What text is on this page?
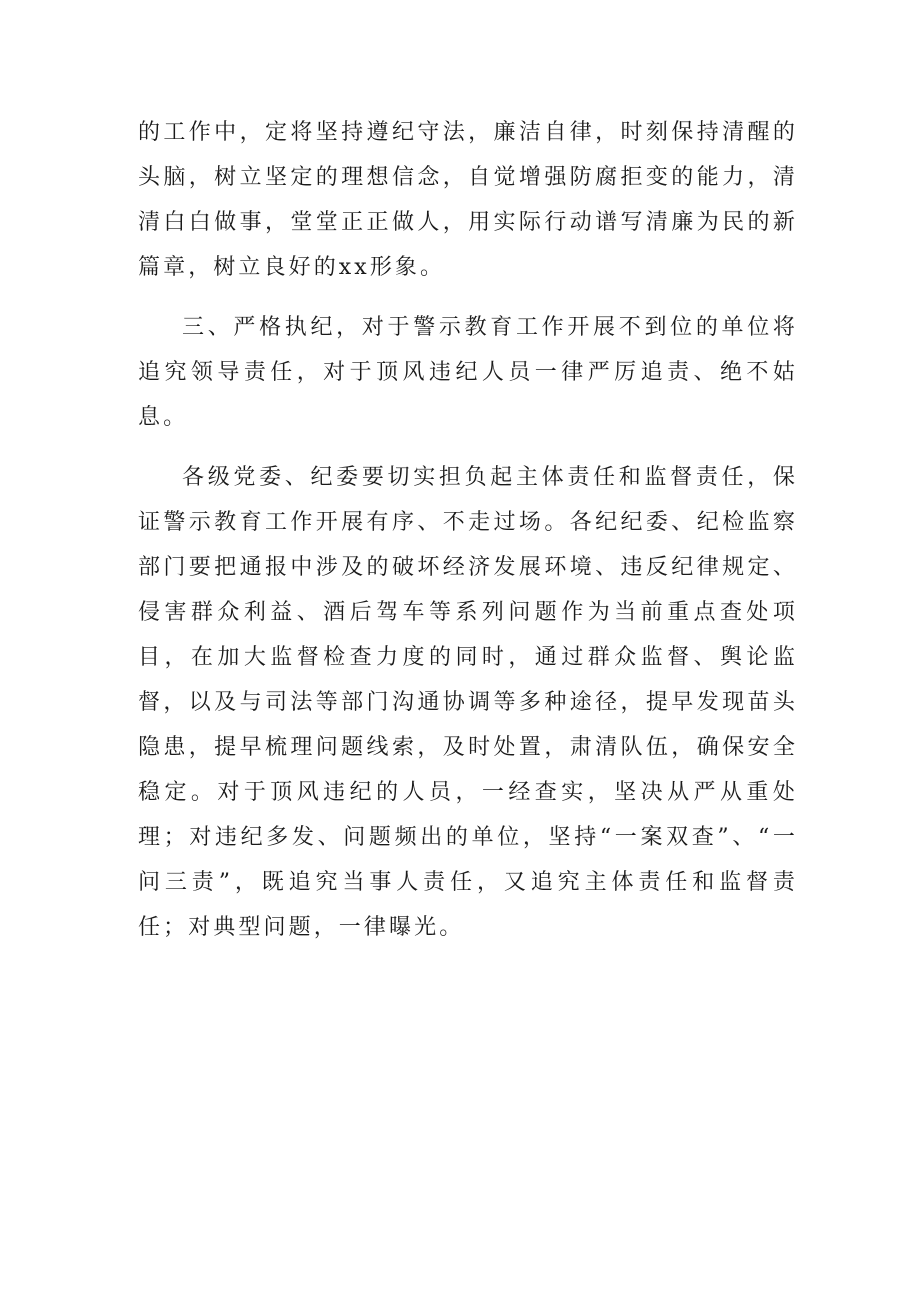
的工作中，定将坚持遵纪守法，廉洁自律，时刻保持清醒的头脑，树立坚定的理想信念，自觉增强防腐拒变的能力，清清白白做事，堂堂正正做人，用实际行动谱写清廉为民的新篇章，树立良好的xx形象。

三、严格执纪，对于警示教育工作开展不到位的单位将追究领导责任，对于顶风违纪人员一律严厉追责、绝不姑息。

各级党委、纪委要切实担负起主体责任和监督责任，保证警示教育工作开展有序、不走过场。各纪纪委、纪检监察部门要把通报中涉及的破坏经济发展环境、违反纪律规定、侵害群众利益、酒后驾车等系列问题作为当前重点查处项目，在加大监督检查力度的同时，通过群众监督、舆论监督，以及与司法等部门沟通协调等多种途径，提早发现苗头隐患，提早梳理问题线索，及时处置，肃清队伍，确保安全稳定。对于顶风违纪的人员，一经查实，坚决从严从重处理；对违纪多发、问题频出的单位，坚持“一案双查”、“一问三责”，既追究当事人责任，又追究主体责任和监督责任；对典型问题，一律曝光。
